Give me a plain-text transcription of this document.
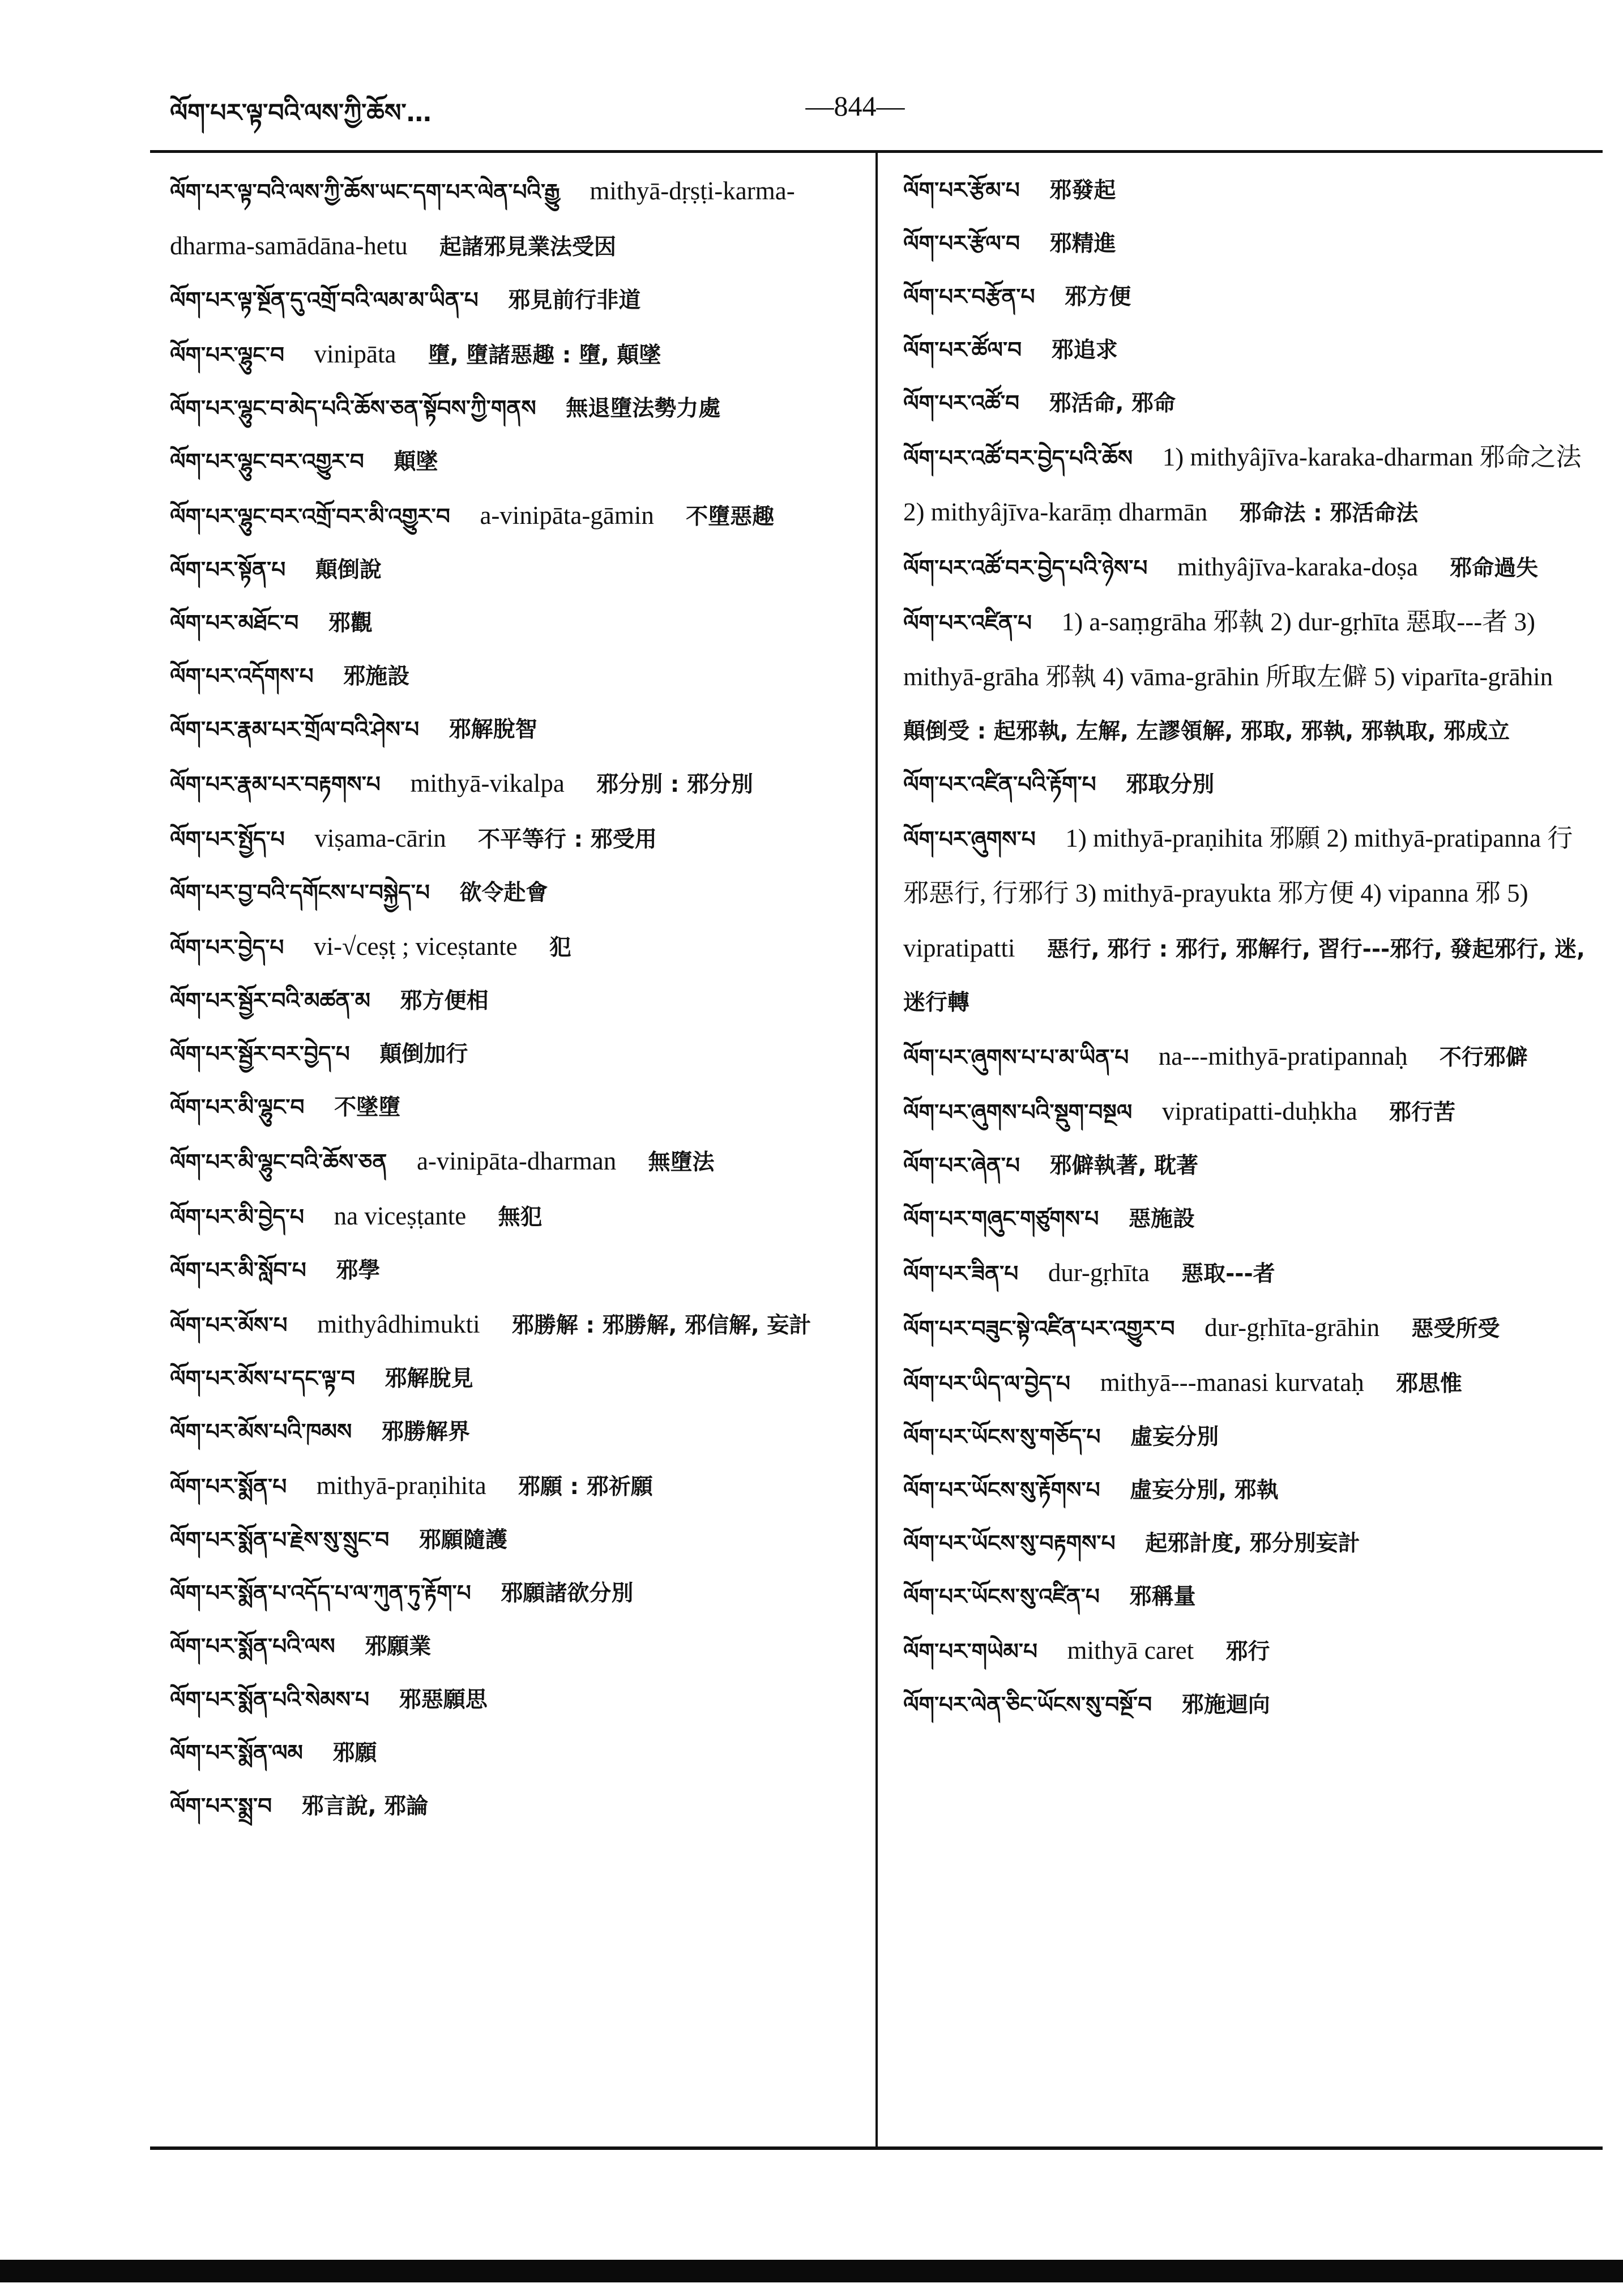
ལོག་པར་ལྟ་བའི་ལས་ཀྱི་ཆོས་…	—844—

ལོག་པར་ལྟ་བའི་ལས་ཀྱི་ཆོས་ཡང་དག་པར་ལེན་པའི་རྒྱུ mithyā-dṛṣṭi-karma-dharma-samādāna-hetu 起諸邪見業法受因

ལོག་པར་ལྟ་སྔོན་དུ་འགྲོ་བའི་ལམ་མ་ཡིན་པ 邪見前行非道

ལོག་པར་ལྷུང་བ vinipāta 墮, 墮諸惡趣 : 墮, 顛墜

ལོག་པར་ལྷུང་བ་མེད་པའི་ཆོས་ཅན་སྟོབས་ཀྱི་གནས 無退墮法勢力處

ལོག་པར་ལྷུང་བར་འགྱུར་བ 顛墜

ལོག་པར་ལྷུང་བར་འགྲོ་བར་མི་འགྱུར་བ a-vinipāta-gāmin 不墮惡趣

ལོག་པར་སྟོན་པ 顛倒說

ལོག་པར་མཐོང་བ 邪觀

ལོག་པར་འདོགས་པ 邪施設

ལོག་པར་རྣམ་པར་གྲོལ་བའི་ཤེས་པ 邪解脫智

ལོག་པར་རྣམ་པར་བརྟགས་པ mithyā-vikalpa 邪分別 : 邪分別

ལོག་པར་སྤྱོད་པ viṣama-cārin 不平等行 : 邪受用

ལོག་པར་བྱ་བའི་དགོངས་པ་བསྐྱེད་པ 欲令赴會

ལོག་པར་བྱེད་པ vi-√ceṣṭ ; viceṣtante 犯

ལོག་པར་སྦྱོར་བའི་མཚན་མ 邪方便相

ལོག་པར་སྦྱོར་བར་བྱེད་པ 顛倒加行

ལོག་པར་མི་ལྷུང་བ 不墜墮

ལོག་པར་མི་ལྷུང་བའི་ཆོས་ཅན a-vinipāta-dharman 無墮法

ལོག་པར་མི་བྱེད་པ na viceṣṭante 無犯

ལོག་པར་མི་སློབ་པ 邪學

ལོག་པར་མོས་པ mithyâdhimukti 邪勝解 : 邪勝解, 邪信解, 妄計

ལོག་པར་མོས་པ་དང་ལྟ་བ 邪解脫見

ལོག་པར་མོས་པའི་ཁམས 邪勝解界

ལོག་པར་སྨོན་པ mithyā-praṇihita 邪願 : 邪祈願

ལོག་པར་སྨོན་པ་རྗེས་སུ་སྲུང་བ 邪願隨護

ལོག་པར་སྨོན་པ་འདོད་པ་ལ་ཀུན་ཏུ་རྟོག་པ 邪願諸欲分別

ལོག་པར་སྨོན་པའི་ལས 邪願業

ལོག་པར་སྨོན་པའི་སེམས་པ 邪惡願思

ལོག་པར་སྨོན་ལམ 邪願

ལོག་པར་སྨྲ་བ 邪言說, 邪論

ལོག་པར་རྩོམ་པ 邪發起

ལོག་པར་རྩོལ་བ 邪精進

ལོག་པར་བརྩོན་པ 邪方便

ལོག་པར་ཚོལ་བ 邪追求

ལོག་པར་འཚོ་བ 邪活命, 邪命

ལོག་པར་འཚོ་བར་བྱེད་པའི་ཆོས 1) mithyâjīva-karaka-dharman 邪命之法 2) mithyâjīva-karāṃ dharmān 邪命法 : 邪活命法

ལོག་པར་འཚོ་བར་བྱེད་པའི་ཉེས་པ mithyâjīva-karaka-doṣa 邪命過失

ལོག་པར་འཛིན་པ 1) a-saṃgrāha 邪執 2) dur-gṛhīta 惡取---者 3) mithyā-grāha 邪執 4) vāma-grāhin 所取左僻 5) viparīta-grāhin顛倒受 : 起邪執, 左解, 左謬領解, 邪取, 邪執, 邪執取, 邪成立

ལོག་པར་འཛིན་པའི་རྟོག་པ 邪取分別

ལོག་པར་ཞུགས་པ 1) mithyā-praṇihita 邪願 2) mithyā-pratipanna 行邪惡行, 行邪行 3) mithyā-prayukta 邪方便 4) vipanna 邪 5) vipratipatti 惡行, 邪行 : 邪行, 邪解行, 習行---邪行, 發起邪行, 迷, 迷行轉

ལོག་པར་ཞུགས་པ་པ་མ་ཡིན་པ na---mithyā-pratipannaḥ 不行邪僻

ལོག་པར་ཞུགས་པའི་སྡུག་བསྔལ vipratipatti-duḥkha 邪行苦

ལོག་པར་ཞེན་པ 邪僻執著, 耽著

ལོག་པར་གཞུང་གཙུགས་པ 惡施設

ལོག་པར་ཟིན་པ dur-gṛhīta 惡取---者

ལོག་པར་བཟུང་སྟེ་འཛིན་པར་འགྱུར་བ dur-gṛhīta-grāhin 惡受所受

ལོག་པར་ཡིད་ལ་བྱེད་པ mithyā---manasi kurvataḥ 邪思惟

ལོག་པར་ཡོངས་སུ་གཅོད་པ 虛妄分別

ལོག་པར་ཡོངས་སུ་རྟོགས་པ 虛妄分別, 邪執

ལོག་པར་ཡོངས་སུ་བརྟགས་པ 起邪計度, 邪分別妄計

ལོག་པར་ཡོངས་སུ་འཛིན་པ 邪稱量

ལོག་པར་གཡེམ་པ mithyā caret 邪行

ལོག་པར་ལེན་ཅིང་ཡོངས་སུ་བསྔོ་བ 邪施迴向
